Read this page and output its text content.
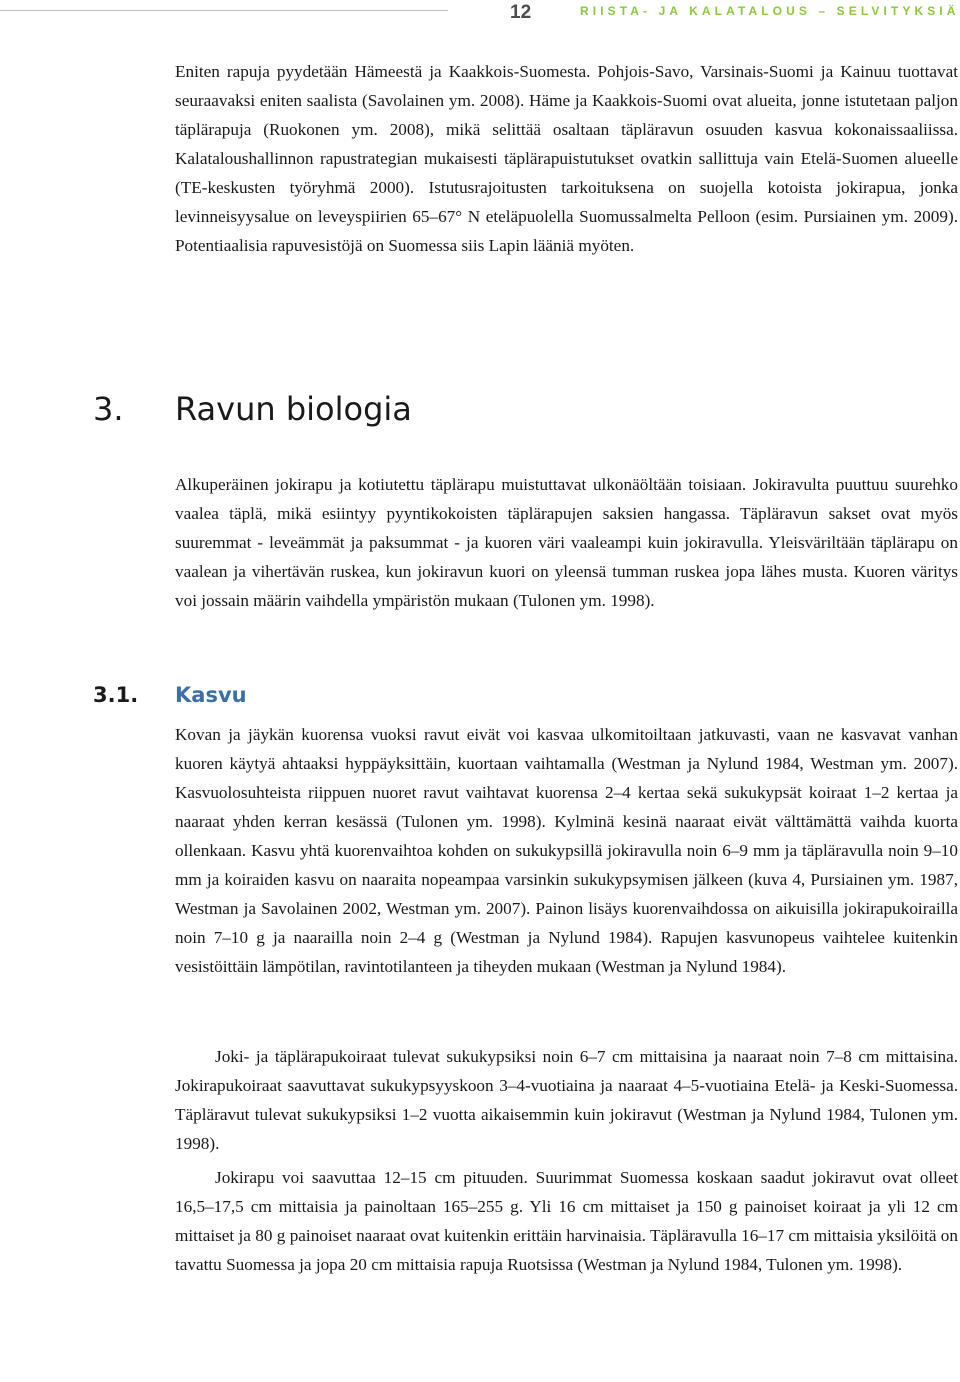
12	RIISTA- JA KALATALOUS – SELVITYKSIÄ

Eniten rapuja pyydetään Hämeestä ja Kaakkois-Suomesta. Pohjois-Savo, Varsinais-Suomi ja Kainuu tuottavat seuraavaksi eniten saalista (Savolainen ym. 2008). Häme ja Kaakkois-Suomi ovat alueita, jonne istutetaan paljon täplärapuja (Ruokonen ym. 2008), mikä selittää osaltaan täpläravun osuuden kasvua kokonaissaaliissa. Kalataloushallinnon rapustrategian mukaisesti täplärapuistutukset ovatkin sallittuja vain Etelä-Suomen alueelle (TE-keskusten työryhmä 2000). Istutusrajoitusten tarkoituksena on suojella kotoista jokirapua, jonka levinneisyysalue on leveyspiirien 65–67° N eteläpuolella Suomussalmelta Pelloon (esim. Pursiainen ym. 2009). Potentiaalisia rapuvesistöjä on Suomessa siis Lapin lääniä myöten.

3. Ravun biologia

Alkuperäinen jokirapu ja kotiutettu täplärapu muistuttavat ulkonäöltään toisiaan. Jokiravulta puuttuu suurehko vaalea täplä, mikä esiintyy pyyntikokoisten täplärapujen saksien hangassa. Täpläravun sakset ovat myös suuremmat - leveämmät ja paksummat - ja kuoren väri vaaleampi kuin jokiravulla. Yleisväriltään täplärapu on vaalean ja vihertävän ruskea, kun jokiravun kuori on yleensä tumman ruskea jopa lähes musta. Kuoren väritys voi jossain määrin vaihdella ympäristön mukaan (Tulonen ym. 1998).

3.1. Kasvu

Kovan ja jäykän kuorensa vuoksi ravut eivät voi kasvaa ulkomitoiltaan jatkuvasti, vaan ne kasvavat vanhan kuoren käytyä ahtaaksi hyppäyksittäin, kuortaan vaihtamalla (Westman ja Nylund 1984, Westman ym. 2007). Kasvuolosuhteista riippuen nuoret ravut vaihtavat kuorensa 2–4 kertaa sekä sukukypsät koiraat 1–2 kertaa ja naaraat yhden kerran kesässä (Tulonen ym. 1998). Kylminä kesinä naaraat eivät välttämättä vaihda kuorta ollenkaan. Kasvu yhtä kuorenvaihtoa kohden on sukukypsillä jokiravulla noin 6–9 mm ja täpläravulla noin 9–10 mm ja koiraiden kasvu on naaraita nopeampaa varsinkin sukukypsymisen jälkeen (kuva 4, Pursiainen ym. 1987, Westman ja Savolainen 2002, Westman ym. 2007). Painon lisäys kuorenvaihdossa on aikuisilla jokirapukoirailla noin 7–10 g ja naarailla noin 2–4 g (Westman ja Nylund 1984). Rapujen kasvunopeus vaihtelee kuitenkin vesistöittäin lämpötilan, ravintotilanteen ja tiheyden mukaan (Westman ja Nylund 1984).

Joki- ja täplärapukoiraat tulevat sukukypsiksi noin 6–7 cm mittaisina ja naaraat noin 7–8 cm mittaisina. Jokirapukoiraat saavuttavat sukukypsyyskoon 3–4-vuotiaina ja naaraat 4–5-vuotiaina Etelä- ja Keski-Suomessa. Täpläravut tulevat sukukypsiksi 1–2 vuotta aikaisemmin kuin jokiravut (Westman ja Nylund 1984, Tulonen ym. 1998).

Jokirapu voi saavuttaa 12–15 cm pituuden. Suurimmat Suomessa koskaan saadut jokiravut ovat olleet 16,5–17,5 cm mittaisia ja painoltaan 165–255 g. Yli 16 cm mittaiset ja 150 g painoiset koiraat ja yli 12 cm mittaiset ja 80 g painoiset naaraat ovat kuitenkin erittäin harvinaisia. Täpläravulla 16–17 cm mittaisia yksilöitä on tavattu Suomessa ja jopa 20 cm mittaisia rapuja Ruotsissa (Westman ja Nylund 1984, Tulonen ym. 1998).
